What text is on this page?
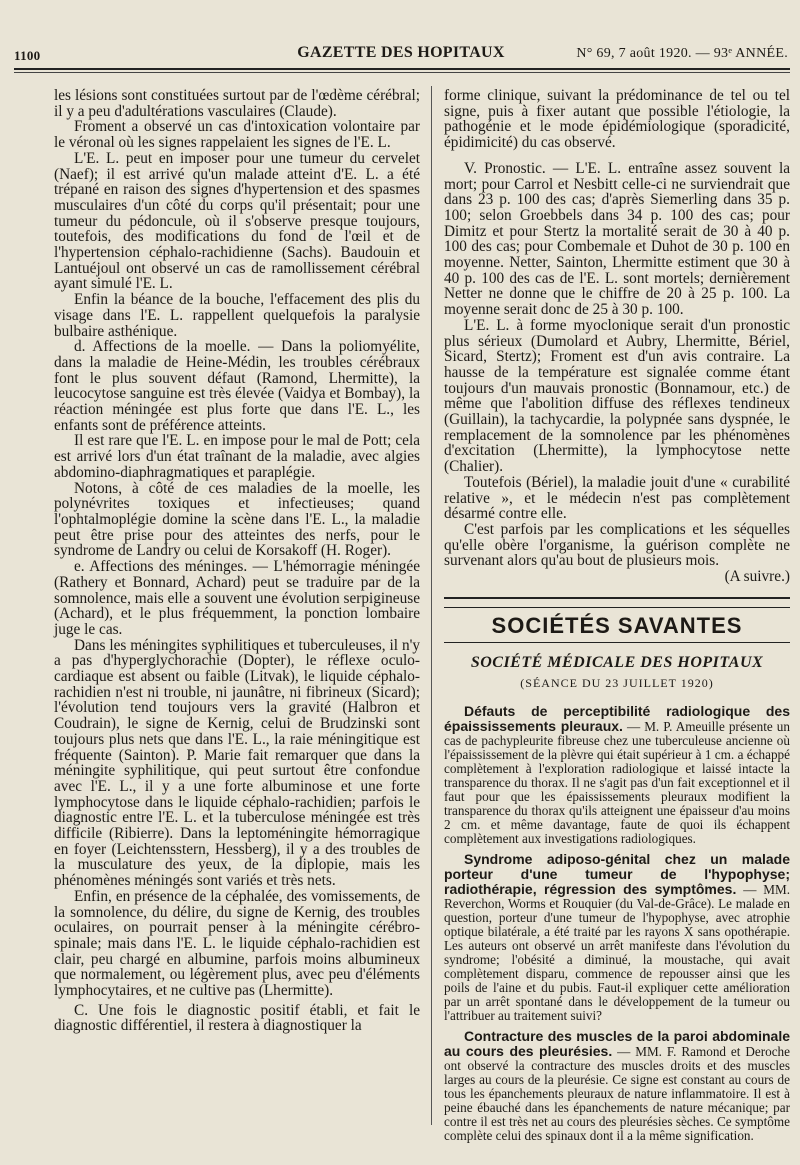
1100	GAZETTE DES HOPITAUX	N° 69, 7 août 1920. — 93ᵉ ANNÉE.

les lésions sont constituées surtout par de l'œdème cérébral; il y a peu d'adultérations vasculaires (Claude).

Froment a observé un cas d'intoxication volontaire par le véronal où les signes rappelaient les signes de l'E. L.

L'E. L. peut en imposer pour une tumeur du cervelet (Naef); il est arrivé qu'un malade atteint d'E. L. a été trépané en raison des signes d'hypertension et des spasmes musculaires d'un côté du corps qu'il présentait; pour une tumeur du pédoncule, où il s'observe presque toujours, toutefois, des modifications du fond de l'œil et de l'hypertension céphalo-rachidienne (Sachs). Baudouin et Lantuéjoul ont observé un cas de ramollissement cérébral ayant simulé l'E. L.

Enfin la béance de la bouche, l'effacement des plis du visage dans l'E. L. rappellent quelquefois la paralysie bulbaire asthénique.

d. Affections de la moelle. — Dans la poliomyélite, dans la maladie de Heine-Médin, les troubles cérébraux font le plus souvent défaut (Ramond, Lhermitte), la leucocytose sanguine est très élevée (Vaidya et Bombay), la réaction méningée est plus forte que dans l'E. L., les enfants sont de préférence atteints.

Il est rare que l'E. L. en impose pour le mal de Pott; cela est arrivé lors d'un état traînant de la maladie, avec algies abdomino-diaphragmatiques et paraplégie.

Notons, à côté de ces maladies de la moelle, les polynévrites toxiques et infectieuses; quand l'ophtalmoplégie domine la scène dans l'E. L., la maladie peut être prise pour des atteintes des nerfs, pour le syndrome de Landry ou celui de Korsakoff (H. Roger).

e. Affections des méninges. — L'hémorragie méningée (Rathery et Bonnard, Achard) peut se traduire par de la somnolence, mais elle a souvent une évolution serpigineuse (Achard), et le plus fréquemment, la ponction lombaire juge le cas.

Dans les méningites syphilitiques et tuberculeuses, il n'y a pas d'hyperglychorachie (Dopter), le réflexe oculo-cardiaque est absent ou faible (Litvak), le liquide céphalo-rachidien n'est ni trouble, ni jaunâtre, ni fibrineux (Sicard); l'évolution tend toujours vers la gravité (Halbron et Coudrain), le signe de Kernig, celui de Brudzinski sont toujours plus nets que dans l'E. L., la raie méningitique est fréquente (Sainton). P. Marie fait remarquer que dans la méningite syphilitique, qui peut surtout être confondue avec l'E. L., il y a une forte albuminose et une forte lymphocytose dans le liquide céphalo-rachidien; parfois le diagnostic entre l'E. L. et la tuberculose méningée est très difficile (Ribierre). Dans la leptoméningite hémorragique en foyer (Leichtensstern, Hessberg), il y a des troubles de la musculature des yeux, de la diplopie, mais les phénomènes méningés sont variés et très nets.

Enfin, en présence de la céphalée, des vomissements, de la somnolence, du délire, du signe de Kernig, des troubles oculaires, on pourrait penser à la méningite cérébro-spinale; mais dans l'E. L. le liquide céphalo-rachidien est clair, peu chargé en albumine, parfois moins albumineux que normalement, ou légèrement plus, avec peu d'éléments lymphocytaires, et ne cultive pas (Lhermitte).

C. Une fois le diagnostic positif établi, et fait le diagnostic différentiel, il restera à diagnostiquer la

forme clinique, suivant la prédominance de tel ou tel signe, puis à fixer autant que possible l'étiologie, la pathogénie et le mode épidémiologique (sporadicité, épidimicité) du cas observé.

V. Pronostic. — L'E. L. entraîne assez souvent la mort; pour Carrol et Nesbitt celle-ci ne surviendrait que dans 23 p. 100 des cas; d'après Siemerling dans 35 p. 100; selon Groebbels dans 34 p. 100 des cas; pour Dimitz et pour Stertz la mortalité serait de 30 à 40 p. 100 des cas; pour Combemale et Duhot de 30 p. 100 en moyenne. Netter, Sainton, Lhermitte estiment que 30 à 40 p. 100 des cas de l'E. L. sont mortels; dernièrement Netter ne donne que le chiffre de 20 à 25 p. 100. La moyenne serait donc de 25 à 30 p. 100.

L'E. L. à forme myoclonique serait d'un pronostic plus sérieux (Dumolard et Aubry, Lhermitte, Bériel, Sicard, Stertz); Froment est d'un avis contraire. La hausse de la température est signalée comme étant toujours d'un mauvais pronostic (Bonnamour, etc.) de même que l'abolition diffuse des réflexes tendineux (Guillain), la tachycardie, la polypnée sans dyspnée, le remplacement de la somnolence par les phénomènes d'excitation (Lhermitte), la lymphocytose nette (Chalier).

Toutefois (Bériel), la maladie jouit d'une « curabilité relative », et le médecin n'est pas complètement désarmé contre elle.

C'est parfois par les complications et les séquelles qu'elle obère l'organisme, la guérison complète ne survenant alors qu'au bout de plusieurs mois.

(A suivre.)

SOCIÉTÉS SAVANTES
SOCIÉTÉ MÉDICALE DES HOPITAUX
(SÉANCE DU 23 JUILLET 1920)

Défauts de perceptibilité radiologique des épaississements pleuraux. — M. P. Ameuille présente un cas de pachypleurite fibreuse chez une tuberculeuse ancienne où l'épaississement de la plèvre qui était supérieur à 1 cm. a échappé complètement à l'exploration radiologique et laissé intacte la transparence du thorax. Il ne s'agit pas d'un fait exceptionnel et il faut pour que les épaississements pleuraux modifient la transparence du thorax qu'ils atteignent une épaisseur d'au moins 2 cm. et même davantage, faute de quoi ils échappent complètement aux investigations radiologiques.

Syndrome adiposo-génital chez un malade porteur d'une tumeur de l'hypophyse; radiothérapie, régression des symptômes. — MM. Reverchon, Worms et Rouquier (du Val-de-Grâce). Le malade en question, porteur d'une tumeur de l'hypophyse, avec atrophie optique bilatérale, a été traité par les rayons X sans opothérapie. Les auteurs ont observé un arrêt manifeste dans l'évolution du syndrome; l'obésité a diminué, la moustache, qui avait complètement disparu, commence de repousser ainsi que les poils de l'aine et du pubis. Faut-il expliquer cette amélioration par un arrêt spontané dans le développement de la tumeur ou l'attribuer au traitement suivi?

Contracture des muscles de la paroi abdominale au cours des pleurésies. — MM. F. Ramond et Deroche ont observé la contracture des muscles droits et des muscles larges au cours de la pleurésie. Ce signe est constant au cours de tous les épanchements pleuraux de nature inflammatoire. Il est à peine ébauché dans les épanchements de nature mécanique; par contre il est très net au cours des pleurésies sèches. Ce symptôme complète celui des spinaux dont il a la même signification.
